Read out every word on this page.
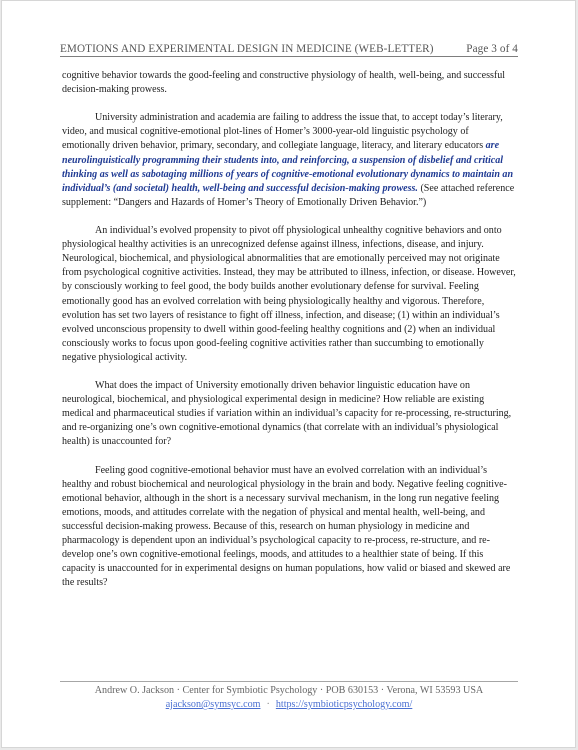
EMOTIONS AND EXPERIMENTAL DESIGN IN MEDICINE (WEB-LETTER)	Page 3 of 4

cognitive behavior towards the good-feeling and constructive physiology of health, well-being, and successful decision-making prowess.

University administration and academia are failing to address the issue that, to accept today’s literary, video, and musical cognitive-emotional plot-lines of Homer’s 3000-year-old linguistic psychology of emotionally driven behavior, primary, secondary, and collegiate language, literacy, and literary educators are neurolinguistically programming their students into, and reinforcing, a suspension of disbelief and critical thinking as well as sabotaging millions of years of cognitive-emotional evolutionary dynamics to maintain an individual’s (and societal) health, well-being and successful decision-making prowess. (See attached reference supplement: “Dangers and Hazards of Homer’s Theory of Emotionally Driven Behavior.”)

An individual’s evolved propensity to pivot off physiological unhealthy cognitive behaviors and onto physiological healthy activities is an unrecognized defense against illness, infections, disease, and injury. Neurological, biochemical, and physiological abnormalities that are emotionally perceived may not originate from psychological cognitive activities. Instead, they may be attributed to illness, infection, or disease. However, by consciously working to feel good, the body builds another evolutionary defense for survival. Feeling emotionally good has an evolved correlation with being physiologically healthy and vigorous. Therefore, evolution has set two layers of resistance to fight off illness, infection, and disease; (1) within an individual’s evolved unconscious propensity to dwell within good-feeling healthy cognitions and (2) when an individual consciously works to focus upon good-feeling cognitive activities rather than succumbing to emotionally negative physiological activity.

What does the impact of University emotionally driven behavior linguistic education have on neurological, biochemical, and physiological experimental design in medicine? How reliable are existing medical and pharmaceutical studies if variation within an individual’s capacity for re-processing, re-structuring, and re-organizing one’s own cognitive-emotional dynamics (that correlate with an individual’s physiological health) is unaccounted for?

Feeling good cognitive-emotional behavior must have an evolved correlation with an individual’s healthy and robust biochemical and neurological physiology in the brain and body. Negative feeling cognitive-emotional behavior, although in the short is a necessary survival mechanism, in the long run negative feeling emotions, moods, and attitudes correlate with the negation of physical and mental health, well-being, and successful decision-making prowess. Because of this, research on human physiology in medicine and pharmacology is dependent upon an individual’s psychological capacity to re-process, re-structure, and re-develop one’s own cognitive-emotional feelings, moods, and attitudes to a healthier state of being. If this capacity is unaccounted for in experimental designs on human populations, how valid or biased and skewed are the results?

Andrew O. Jackson · Center for Symbiotic Psychology · POB 630153 · Verona, WI 53593 USA
ajackson@symsyc.com · https://symbioticpsychology.com/
